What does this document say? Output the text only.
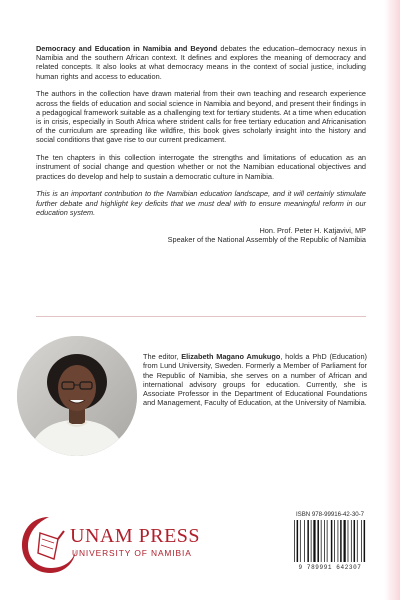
Democracy and Education in Namibia and Beyond debates the education–democracy nexus in Namibia and the southern African context. It defines and explores the meaning of democracy and related concepts. It also looks at what democracy means in the context of social justice, including human rights and access to education.

The authors in the collection have drawn material from their own teaching and research experience across the fields of education and social science in Namibia and beyond, and present their findings in a pedagogical framework suitable as a challenging text for tertiary students. At a time when education is in crisis, especially in South Africa where strident calls for free tertiary education and Africanisation of the curriculum are spreading like wildfire, this book gives scholarly insight into the history and social conditions that gave rise to our current predicament.

The ten chapters in this collection interrogate the strengths and limitations of education as an instrument of social change and question whether or not the Namibian educational objectives and practices do develop and help to sustain a democratic culture in Namibia.

This is an important contribution to the Namibian education landscape, and it will certainly stimulate further debate and highlight key deficits that we must deal with to ensure meaningful reform in our education system.

Hon. Prof. Peter H. Katjavivi, MP
Speaker of the National Assembly of the Republic of Namibia
The editor, Elizabeth Magano Amukugo, holds a PhD (Education) from Lund University, Sweden. Formerly a Member of Parliament for the Republic of Namibia, she serves on a number of African and international advisory groups for education. Currently, she is Associate Professor in the Department of Educational Foundations and Management, Faculty of Education, at the University of Namibia.
UNAM PRESS
UNIVERSITY OF NAMIBIA
ISBN 978-99916-42-30-7
9 789991 642307
